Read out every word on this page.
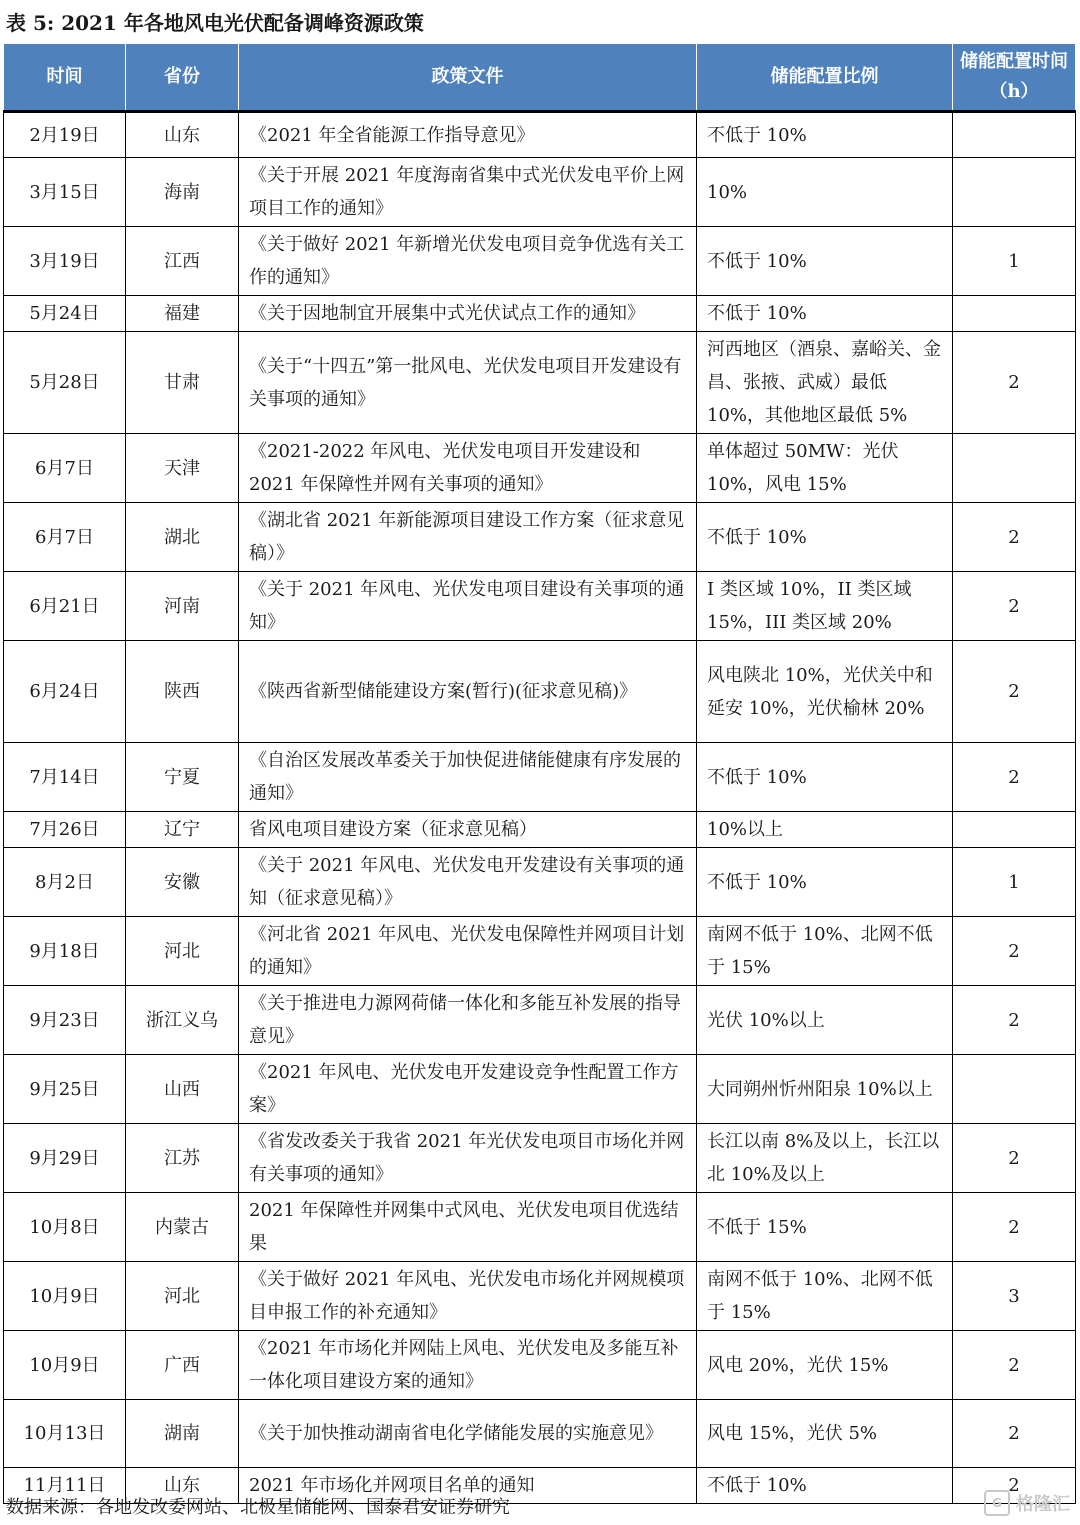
表 5: 2021 年各地风电光伏配备调峰资源政策
时间	省份	政策文件	储能配置比例	储能配置时间（h）
2月19日	山东	《2021 年全省能源工作指导意见》	不低于 10%	
3月15日	海南	《关于开展 2021 年度海南省集中式光伏发电平价上网项目工作的通知》	10%	
3月19日	江西	《关于做好 2021 年新增光伏发电项目竞争优选有关工作的通知》	不低于 10%	1
5月24日	福建	《关于因地制宜开展集中式光伏试点工作的通知》	不低于 10%	
5月28日	甘肃	《关于“十四五”第一批风电、光伏发电项目开发建设有关事项的通知》	河西地区（酒泉、嘉峪关、金昌、张掖、武威）最低 10%，其他地区最低 5%	2
6月7日	天津	《2021-2022 年风电、光伏发电项目开发建设和 2021 年保障性并网有关事项的通知》	单体超过 50MW：光伏 10%，风电 15%	
6月7日	湖北	《湖北省 2021 年新能源项目建设工作方案（征求意见稿）》	不低于 10%	2
6月21日	河南	《关于 2021 年风电、光伏发电项目建设有关事项的通知》	I 类区域 10%，II 类区域 15%，III 类区域 20%	2
6月24日	陕西	《陕西省新型储能建设方案(暂行)(征求意见稿)》	风电陕北 10%，光伏关中和延安 10%，光伏榆林 20%	2
7月14日	宁夏	《自治区发展改革委关于加快促进储能健康有序发展的通知》	不低于 10%	2
7月26日	辽宁	省风电项目建设方案（征求意见稿）	10%以上	
8月2日	安徽	《关于 2021 年风电、光伏发电开发建设有关事项的通知（征求意见稿）》	不低于 10%	1
9月18日	河北	《河北省 2021 年风电、光伏发电保障性并网项目计划的通知》	南网不低于 10%、北网不低于 15%	2
9月23日	浙江义乌	《关于推进电力源网荷储一体化和多能互补发展的指导意见》	光伏 10%以上	2
9月25日	山西	《2021 年风电、光伏发电开发建设竞争性配置工作方案》	大同朔州忻州阳泉 10%以上	
9月29日	江苏	《省发改委关于我省 2021 年光伏发电项目市场化并网有关事项的通知》	长江以南 8%及以上，长江以北 10%及以上	2
10月8日	内蒙古	2021 年保障性并网集中式风电、光伏发电项目优选结果	不低于 15%	2
10月9日	河北	《关于做好 2021 年风电、光伏发电市场化并网规模项目申报工作的补充通知》	南网不低于 10%、北网不低于 15%	3
10月9日	广西	《2021 年市场化并网陆上风电、光伏发电及多能互补一体化项目建设方案的通知》	风电 20%，光伏 15%	2
10月13日	湖南	《关于加快推动湖南省电化学储能发展的实施意见》	风电 15%，光伏 5%	2
11月11日	山东	2021 年市场化并网项目名单的通知	不低于 10%	2
数据来源：各地发改委网站、北极星储能网、国泰君安证券研究	G 格隆汇
